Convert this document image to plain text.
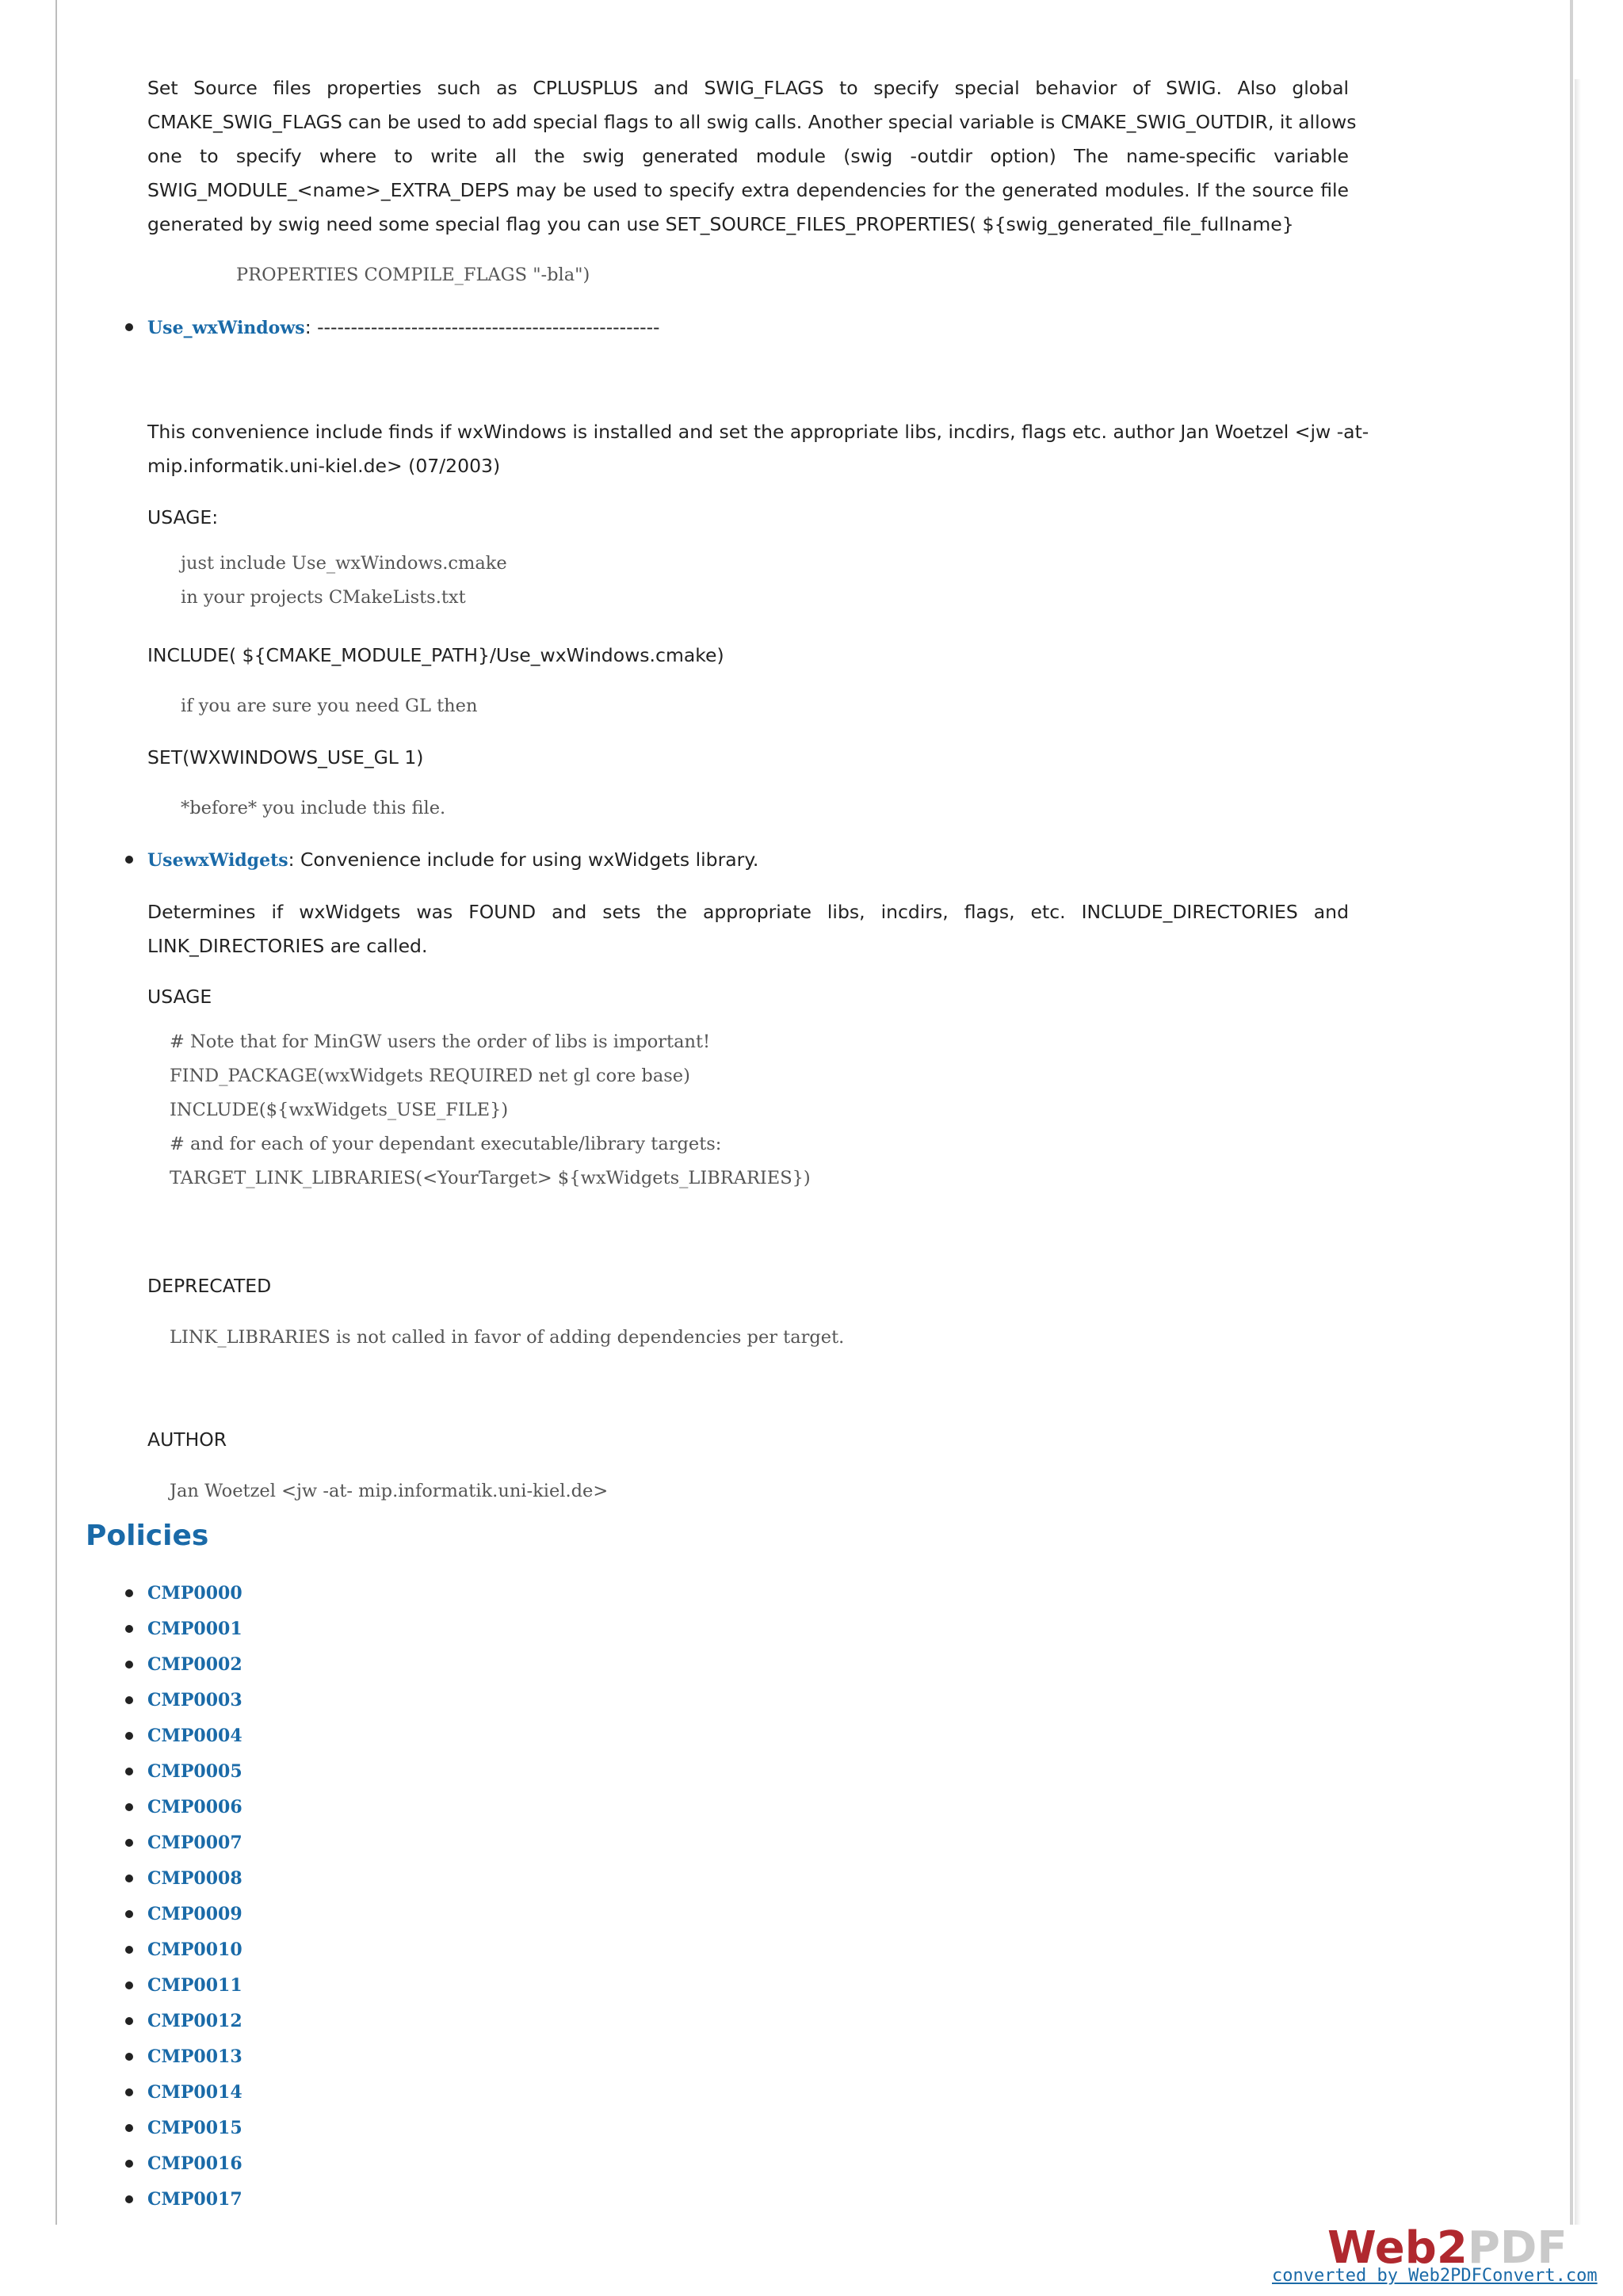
Set Source files properties such as CPLUSPLUS and SWIG_FLAGS to specify special behavior of SWIG. Also global
CMAKE_SWIG_FLAGS can be used to add special flags to all swig calls. Another special variable is CMAKE_SWIG_OUTDIR, it allows
one to specify where to write all the swig generated module (swig -outdir option) The name-specific variable
SWIG_MODULE_<name>_EXTRA_DEPS may be used to specify extra dependencies for the generated modules. If the source file

generated by swig need some special flag you can use SET_SOURCE_FILES_PROPERTIES( ${swig_generated_file_fullname}

PROPERTIES COMPILE_FLAGS "-bla")

Use_wxWindows: ---------------------------------------------------

This convenience include finds if wxWindows is installed and set the appropriate libs, incdirs, flags etc. author Jan Woetzel <jw -at-

mip.informatik.uni-kiel.de> (07/2003)

USAGE:

just include Use_wxWindows.cmake
in your projects CMakeLists.txt

INCLUDE( ${CMAKE_MODULE_PATH}/Use_wxWindows.cmake)

if you are sure you need GL then

SET(WXWINDOWS_USE_GL 1)

*before* you include this file.

UsewxWidgets: Convenience include for using wxWidgets library.

Determines if wxWidgets was FOUND and sets the appropriate libs, incdirs, flags, etc. INCLUDE_DIRECTORIES and

LINK_DIRECTORIES are called.

USAGE

# Note that for MinGW users the order of libs is important!
FIND_PACKAGE(wxWidgets REQUIRED net gl core base)
INCLUDE(${wxWidgets_USE_FILE})
# and for each of your dependant executable/library targets:
TARGET_LINK_LIBRARIES(<YourTarget> ${wxWidgets_LIBRARIES})

DEPRECATED

LINK_LIBRARIES is not called in favor of adding dependencies per target.

AUTHOR

Jan Woetzel <jw -at- mip.informatik.uni-kiel.de>

Policies
CMP0000
CMP0001
CMP0002
CMP0003
CMP0004
CMP0005
CMP0006
CMP0007
CMP0008
CMP0009
CMP0010
CMP0011
CMP0012
CMP0013
CMP0014
CMP0015
CMP0016
CMP0017
Web2PDF

converted by Web2PDFConvert.com
